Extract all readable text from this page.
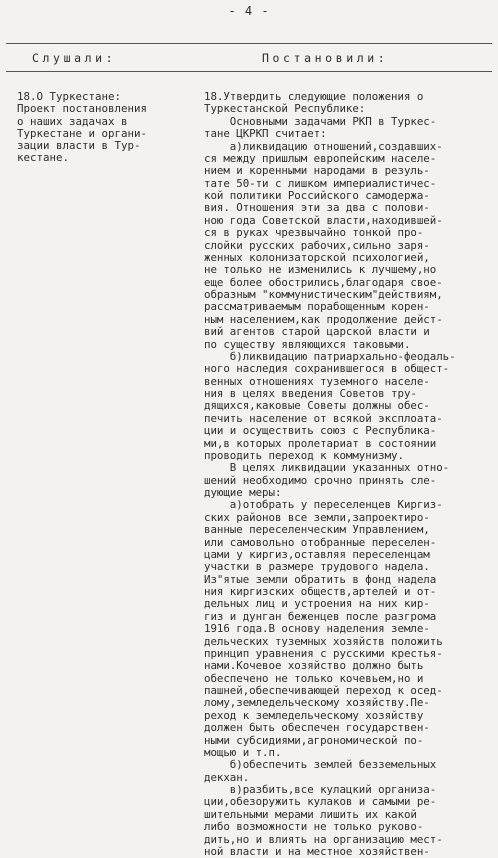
- 4 -
Слушали:	Постановили:
18.О Туркестане:
Проект постановления
о наших задачах в
Туркестане и органи-
зации власти в Тур-
кестане.
18.Утвердить следующие положения о
Туркестанской Республике:
Основными задачами РКП в Туркес-
тане ЦКРКП считает:
а)ликвидацию отношений,создавших-
ся между пришлым европейским населе-
нием и коренными народами в резуль-
тате 50-ти с лишком империалистичес-
кой политики Российского самодержа-
вия. Отношения эти за два с полови-
ною года Советской власти,находившей-
ся в руках чрезвычайно тонкой про-
слойки русских рабочих,сильно заря-
женных колонизаторской психологией,
не только не изменились к лучшему,но
еще более обострились,благодаря свое-
образным "коммунистическим"действиям,
рассматриваемым порабощенным корен-
ным населением,как продолжение дейст-
вий агентов старой царской власти и
по существу являющихся таковыми.
б)ликвидацию патриархально-феодаль-
ного наследия сохранившегося в общест-
венных отношениях туземного населе-
ния в целях введения Советов тру-
дящихся,каковые Советы должны обес-
печить население от всякой эксплоата-
ции и осуществить союз с Республика-
ми,в которых пролетариат в состоянии
проводить переход к коммунизму.
В целях ликвидации указанных отно-
шений необходимо срочно принять сле-
дующие меры:
а)отобрать у переселенцев Киргиз-
ских районов все земли,запроектиро-
ванные переселенческим Управлением,
или самовольно отобранные переселен-
цами у киргиз,оставляя переселенцам
участки в размере трудового надела.
Из"ятые земли обратить в фонд надела
ния киргизских обществ,артелей и от-
дельных лиц и устроения на них кир-
гиз и дунган беженцев после разгрома
1916 года.В основу наделения земле-
дельческих туземных хозяйств положить
принцип уравнения с русскими крестья-
нами.Кочевое хозяйство должно быть
обеспечено не только кочевьем,но и
пашней,обеспечивающей переход к осед-
лому,земледельческому хозяйству.Пе-
реход к земледельческому хозяйству
должен быть обеспечен государствен-
ными субсидиями,агрономической по-
мощью и т.п.
б)обеспечить землей безземельных
декхан.
в)разбить,все кулацкий организа-
ции,обезоружить кулаков и самыми ре-
шительными мерами лишить их какой
либо возможности не только руково-
дить,но и влиять на организацию мест-
ной власти и на местное хозяйствен-
